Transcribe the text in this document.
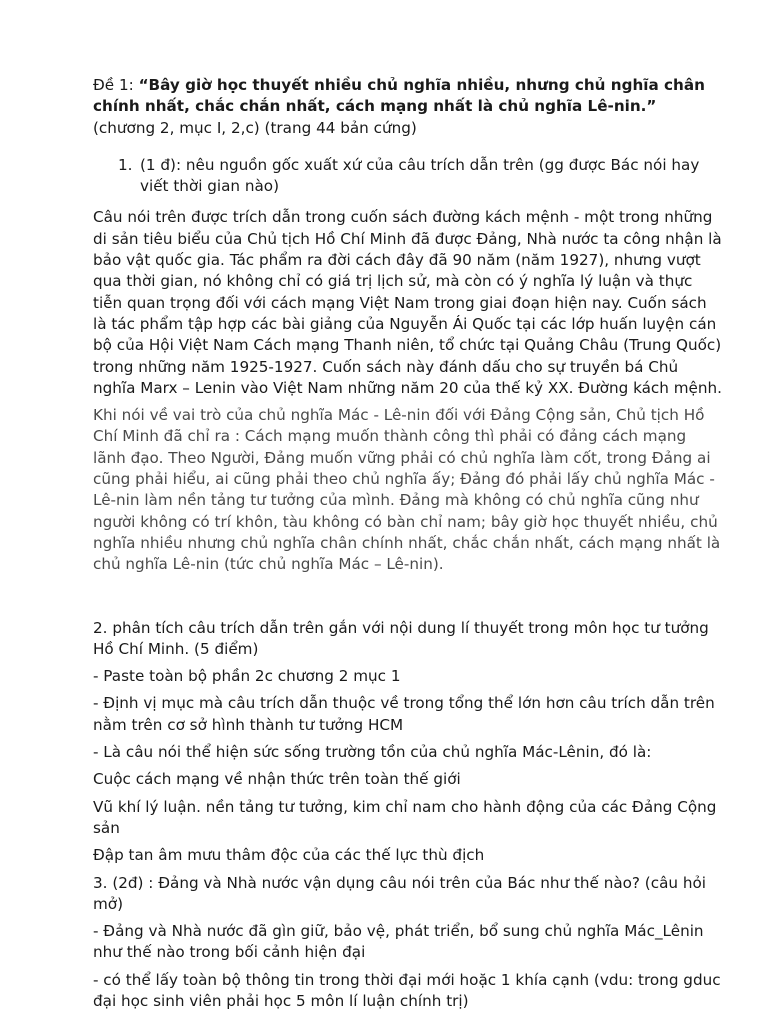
Đề 1: “Bây giờ học thuyết nhiều chủ nghĩa nhiều, nhưng chủ nghĩa chân chính nhất, chắc chắn nhất, cách mạng nhất là chủ nghĩa Lê-nin.” (chương 2, mục I, 2,c) (trang 44 bản cứng)

1. (1 đ): nêu nguồn gốc xuất xứ của câu trích dẫn trên (gg được Bác nói hay viết thời gian nào)

Câu nói trên được trích dẫn trong cuốn sách đường kách mệnh - một trong những di sản tiêu biểu của Chủ tịch Hồ Chí Minh đã được Đảng, Nhà nước ta công nhận là bảo vật quốc gia. Tác phẩm ra đời cách đây đã 90 năm (năm 1927), nhưng vượt qua thời gian, nó không chỉ có giá trị lịch sử, mà còn có ý nghĩa lý luận và thực tiễn quan trọng đối với cách mạng Việt Nam trong giai đoạn hiện nay. Cuốn sách là tác phẩm tập hợp các bài giảng của Nguyễn Ái Quốc tại các lớp huấn luyện cán bộ của Hội Việt Nam Cách mạng Thanh niên, tổ chức tại Quảng Châu (Trung Quốc) trong những năm 1925-1927. Cuốn sách này đánh dấu cho sự truyền bá Chủ nghĩa Marx – Lenin vào Việt Nam những năm 20 của thế kỷ XX. Đường kách mệnh.

Khi nói về vai trò của chủ nghĩa Mác - Lê-nin đối với Đảng Cộng sản, Chủ tịch Hồ Chí Minh đã chỉ ra : Cách mạng muốn thành công thì phải có đảng cách mạng lãnh đạo. Theo Người, Đảng muốn vững phải có chủ nghĩa làm cốt, trong Đảng ai cũng phải hiểu, ai cũng phải theo chủ nghĩa ấy; Đảng đó phải lấy chủ nghĩa Mác - Lê-nin làm nền tảng tư tưởng của mình. Đảng mà không có chủ nghĩa cũng như người không có trí khôn, tàu không có bàn chỉ nam; bây giờ học thuyết nhiều, chủ nghĩa nhiều nhưng chủ nghĩa chân chính nhất, chắc chắn nhất, cách mạng nhất là chủ nghĩa Lê-nin (tức chủ nghĩa Mác – Lê-nin).

2. phân tích câu trích dẫn trên gắn với nội dung lí thuyết trong môn học tư tưởng Hồ Chí Minh. (5 điểm)

- Paste toàn bộ phần 2c chương 2 mục 1

- Định vị mục mà câu trích dẫn thuộc về trong tổng thể lớn hơn câu trích dẫn trên nằm trên cơ sở hình thành tư tưởng HCM

- Là câu nói thể hiện sức sống trường tồn của chủ nghĩa Mác-Lênin, đó là:

Cuộc cách mạng về nhận thức trên toàn thế giới

Vũ khí lý luận. nền tảng tư tưởng, kim chỉ nam cho hành động của các Đảng Cộng sản

Đập tan âm mưu thâm độc của các thế lực thù địch

3. (2đ) : Đảng và Nhà nước vận dụng câu nói trên của Bác như thế nào? (câu hỏi mở)

- Đảng và Nhà nước đã gìn giữ, bảo vệ, phát triển, bổ sung chủ nghĩa Mác_Lênin như thế nào trong bối cảnh hiện đại

- có thể lấy toàn bộ thông tin trong thời đại mới hoặc 1 khía cạnh (vdu: trong gduc đại học sinh viên phải học 5 môn lí luận chính trị)
